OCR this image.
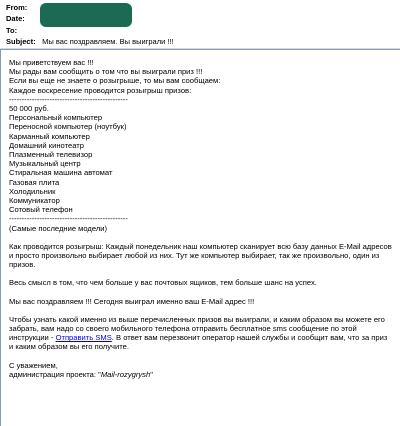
From:
Date:
To:
Subject: Мы вас поздравляем. Вы выиграли !!!
Мы приветствуем вас !!!
Мы рады вам сообщить о том что вы выиграли приз !!!
Если вы еще не знаете о розыгрыше, то мы вам сообщаем:
Каждое воскресение проводится розыгрыш призов:
-----------------------------------------------
50 000 руб.
Персональный компьютер
Переносной компьютер (ноутбук)
Карманный компьютер
Домашний кинотеатр
Плазменный телевизор
Музыкальный центр
Стиральная машина автомат
Газовая плита
Холодильник
Коммуникатор
Сотовый телефон
-----------------------------------------------
(Самые последние модели)
Как проводится розыгрыш: Каждый понедельник наш компьютер сканирует всю базу данных E-Mail адресов и просто произвольно выбирает любой из них. Тут же компьютер выбирает, так же произвольно, один из призов.
Весь смысл в том, что чем больше у вас почтовых ящиков, тем больше шанс на успех.
Мы вас поздравляем !!! Сегодня выиграл именно ваш E-Mail адрес !!!
Чтобы узнать какой именно из выше перечисленных призов вы выиграли, и каким образом вы можете его забрать, вам надо со своего мобильного телефона отправить бесплатное sms сообщение по этой инструкции - Отправить SMS. В ответ вам перезвонит оператор нашей службы и сообщит вам, что за приз и каким образом вы его получите.
С уважением,
администрация проекта: "Mail-rozygrysh"
